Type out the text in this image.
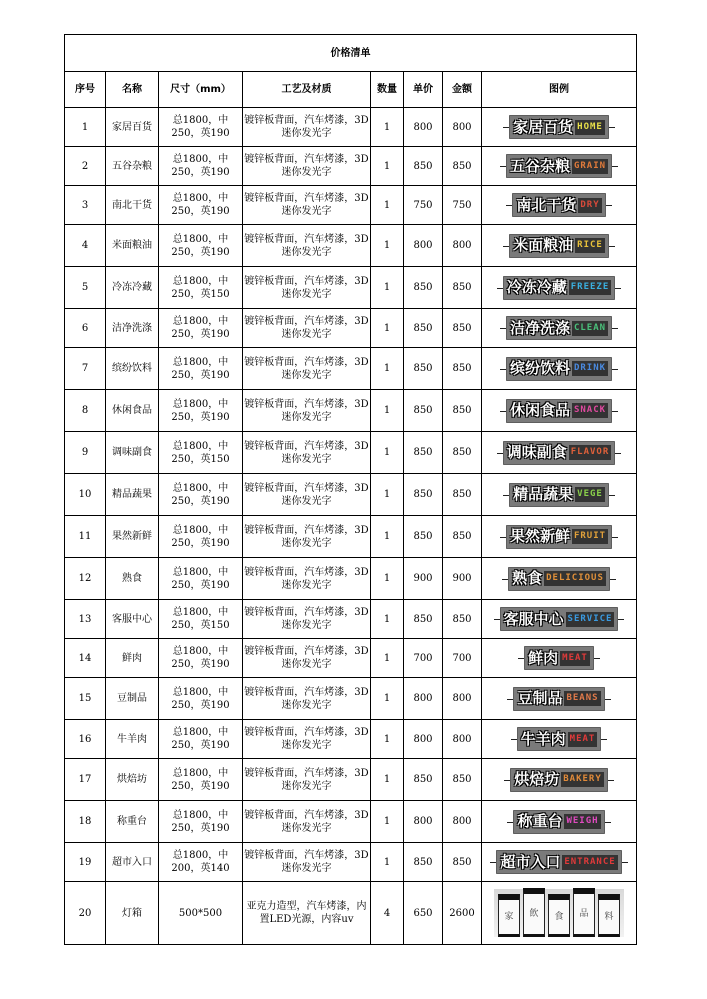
价格清单							
序号	名称	尺寸（mm）	工艺及材质	数量	单价	金额	图例
1	家居百货	总1800，中250，英190	镀锌板背面，汽车烤漆，3D迷你发光字	1	800	800	家居百货 HOME

2	五谷杂粮	总1800，中250，英190	镀锌板背面，汽车烤漆，3D迷你发光字	1	850	850	五谷杂粮 GRAIN

3	南北干货	总1800，中250，英190	镀锌板背面，汽车烤漆，3D迷你发光字	1	750	750	南北干货 DRY

4	米面粮油	总1800，中250，英190	镀锌板背面，汽车烤漆，3D迷你发光字	1	800	800	米面粮油 RICE

5	冷冻冷藏	总1800，中250，英150	镀锌板背面，汽车烤漆，3D迷你发光字	1	850	850	冷冻冷藏 FREEZE

6	洁净洗涤	总1800，中250，英190	镀锌板背面，汽车烤漆，3D迷你发光字	1	850	850	洁净洗涤 CLEAN

7	缤纷饮料	总1800，中250，英190	镀锌板背面，汽车烤漆，3D迷你发光字	1	850	850	缤纷饮料 DRINK

8	休闲食品	总1800，中250，英190	镀锌板背面，汽车烤漆，3D迷你发光字	1	850	850	休闲食品 SNACK

9	调味副食	总1800，中250，英150	镀锌板背面，汽车烤漆，3D迷你发光字	1	850	850	调味副食 FLAVOR

10	精品蔬果	总1800，中250，英190	镀锌板背面，汽车烤漆，3D迷你发光字	1	850	850	精品蔬果 VEGE

11	果然新鲜	总1800，中250，英190	镀锌板背面，汽车烤漆，3D迷你发光字	1	850	850	果然新鲜 FRUIT

12	熟食	总1800，中250，英190	镀锌板背面，汽车烤漆，3D迷你发光字	1	900	900	熟食 DELICIOUS

13	客服中心	总1800，中250，英150	镀锌板背面，汽车烤漆，3D迷你发光字	1	850	850	客服中心 SERVICE

14	鲜肉	总1800，中250，英190	镀锌板背面，汽车烤漆，3D迷你发光字	1	700	700	鲜肉 MEAT

15	豆制品	总1800，中250，英190	镀锌板背面，汽车烤漆，3D迷你发光字	1	800	800	豆制品 BEANS

16	牛羊肉	总1800，中250，英190	镀锌板背面，汽车烤漆，3D迷你发光字	1	800	800	牛羊肉 MEAT

17	烘焙坊	总1800，中250，英190	镀锌板背面，汽车烤漆，3D迷你发光字	1	850	850	烘焙坊 BAKERY

18	称重台	总1800，中250，英190	镀锌板背面，汽车烤漆，3D迷你发光字	1	800	800	称重台 WEIGH

19	超市入口	总1800，中200，英140	镀锌板背面，汽车烤漆，3D迷你发光字	1	850	850	超市入口 ENTRANCE

20	灯箱	500*500	亚克力造型，汽车烤漆，内置LED光源，内容uv	4	650	2600	家 飲 食 品 料
